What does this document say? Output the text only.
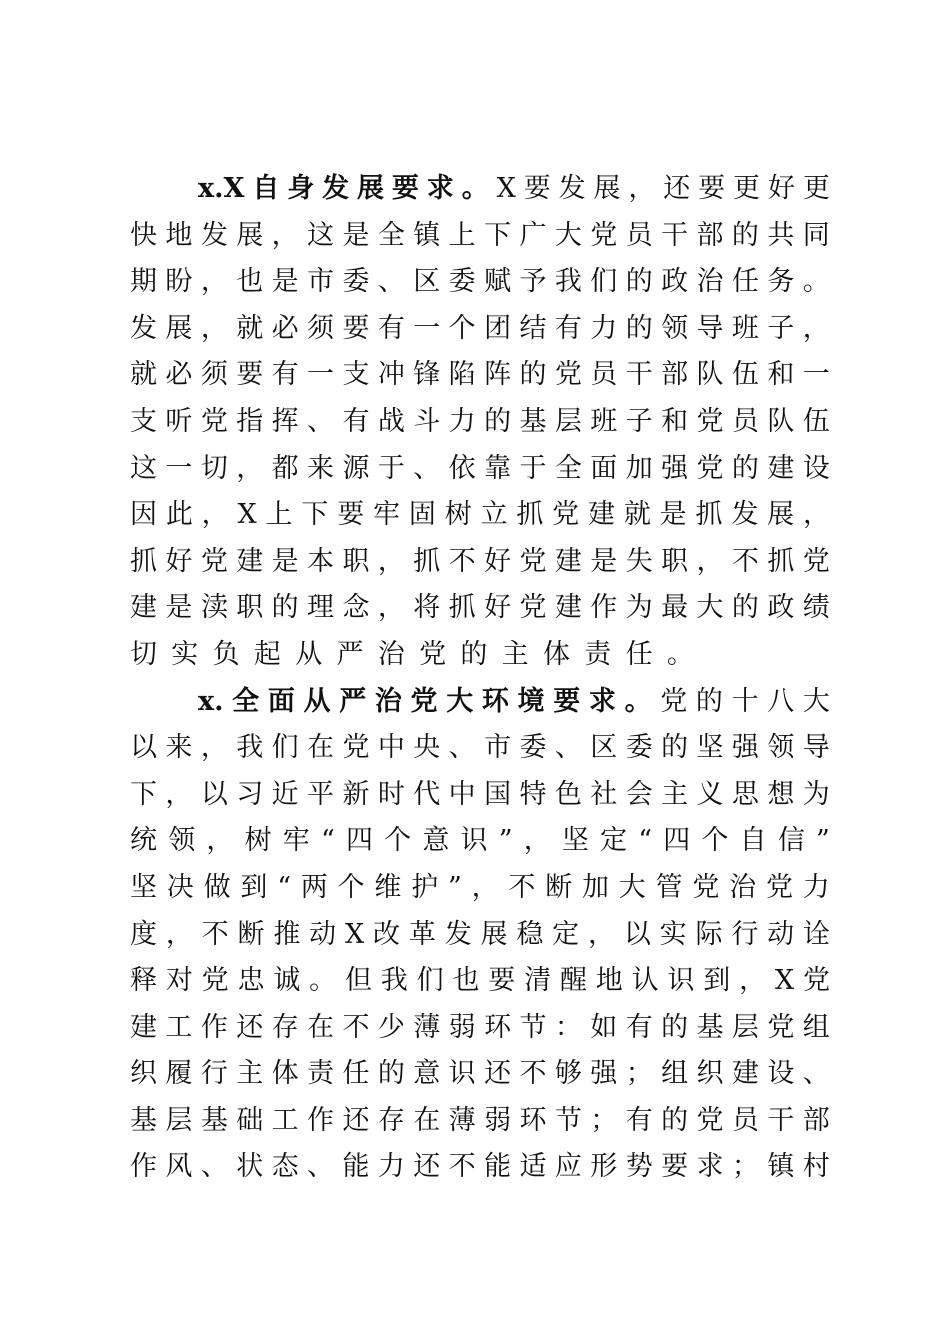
x.X 自 身 发 展 要 求 。 X 要 发 展 ， 还 要 更 好 更
快 地 发 展 ， 这 是 全 镇 上 下 广 大 党 员 干 部 的 共 同
期 盼 ， 也 是 市 委 、 区 委 赋 予 我 们 的 政 治 任 务 。
发 展 ， 就 必 须 要 有 一 个 团 结 有 力 的 领 导 班 子 ，
就 必 须 要 有 一 支 冲 锋 陷 阵 的 党 员 干 部 队 伍 和 一
支 听 党 指 挥 、 有 战 斗 力 的 基 层 班 子 和 党 员 队 伍
这 一 切 ， 都 来 源 于 、 依 靠 于 全 面 加 强 党 的 建 设
因 此 ， X 上 下 要 牢 固 树 立 抓 党 建 就 是 抓 发 展 ，
抓 好 党 建 是 本 职 ， 抓 不 好 党 建 是 失 职 ， 不 抓 党
建 是 渎 职 的 理 念 ， 将 抓 好 党 建 作 为 最 大 的 政 绩
切 实 负 起 从 严 治 党 的 主 体 责 任 。
x. 全 面 从 严 治 党 大 环 境 要 求 。 党 的 十 八 大
以 来 ， 我 们 在 党 中 央 、 市 委 、 区 委 的 坚 强 领 导
下 ， 以 习 近 平 新 时 代 中 国 特 色 社 会 主 义 思 想 为
统 领 ， 树 牢 “ 四 个 意 识 ” ， 坚 定 “ 四 个 自 信 ”
坚 决 做 到 “ 两 个 维 护 ” ， 不 断 加 大 管 党 治 党 力
度 ， 不 断 推 动 X 改 革 发 展 稳 定 ， 以 实 际 行 动 诠
释 对 党 忠 诚 。 但 我 们 也 要 清 醒 地 认 识 到 ， X 党
建 工 作 还 存 在 不 少 薄 弱 环 节 ： 如 有 的 基 层 党 组
织 履 行 主 体 责 任 的 意 识 还 不 够 强 ； 组 织 建 设 、
基 层 基 础 工 作 还 存 在 薄 弱 环 节 ； 有 的 党 员 干 部
作 风 、 状 态 、 能 力 还 不 能 适 应 形 势 要 求 ； 镇 村
